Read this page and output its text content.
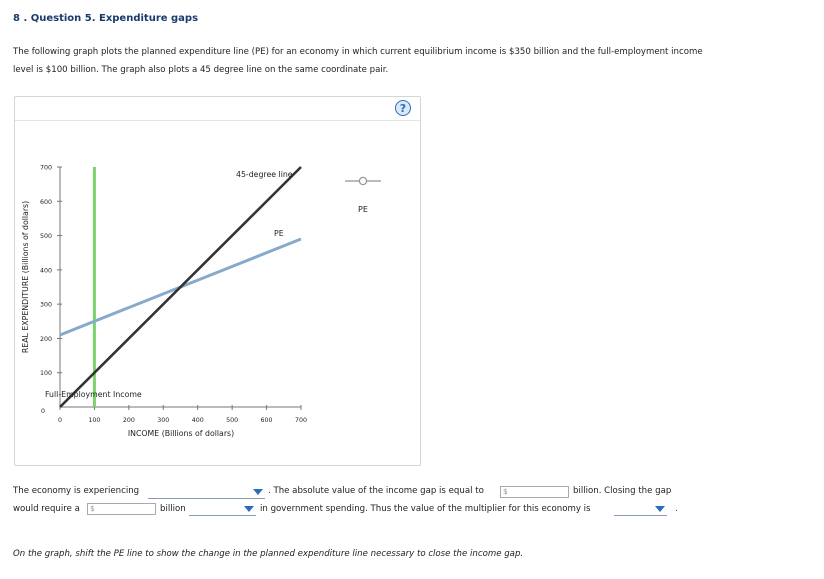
8 . Question 5. Expenditure gaps
The following graph plots the planned expenditure line (PE) for an economy in which current equilibrium income is $350 billion and the full-employment income level is $100 billion. The graph also plots a 45 degree line on the same coordinate pair.
?
0	100	200	300	400	500	600	700
0
100
200
300
400
500
600
700
REAL EXPENDITURE (Billions of dollars)
INCOME (Billions of dollars)
Full-Employment Income
45-degree line
PE
PE
The economy is experiencing	. The absolute value of the income gap is equal to	$	billion. Closing the gap
would require a $	billion	in government spending. Thus the value of the multiplier for this economy is	.
On the graph, shift the PE line to show the change in the planned expenditure line necessary to close the income gap.
